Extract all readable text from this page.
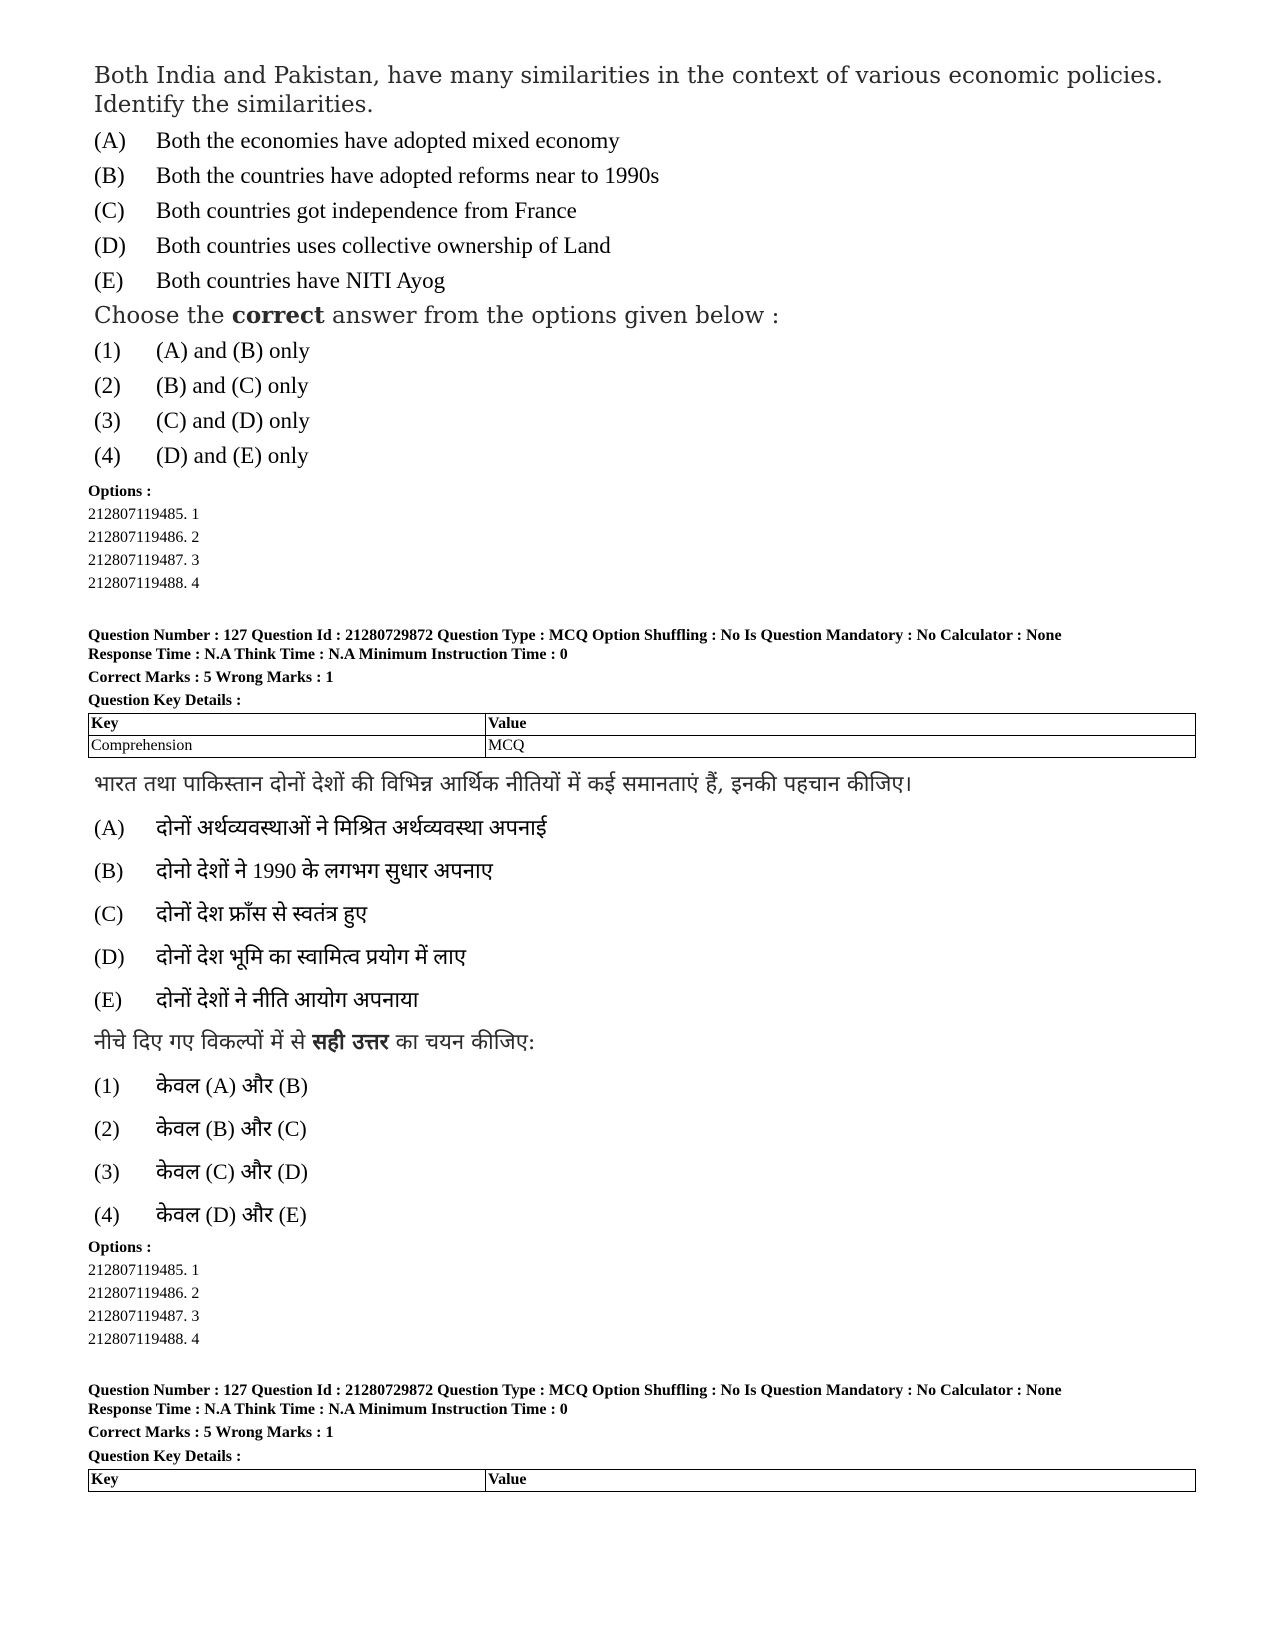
Both India and Pakistan, have many similarities in the context of various economic policies. Identify the similarities.
(A)	Both the economies have adopted mixed economy
(B)	Both the countries have adopted reforms near to 1990s
(C)	Both countries got independence from France
(D)	Both countries uses collective ownership of Land
(E)	Both countries have NITI Ayog
Choose the correct answer from the options given below :
(1)	(A) and (B) only
(2)	(B) and (C) only
(3)	(C) and (D) only
(4)	(D) and (E) only
Options :
212807119485. 1
212807119486. 2
212807119487. 3
212807119488. 4
Question Number : 127 Question Id : 21280729872 Question Type : MCQ Option Shuffling : No Is Question Mandatory : No Calculator : None
Response Time : N.A Think Time : N.A Minimum Instruction Time : 0
Correct Marks : 5 Wrong Marks : 1
Question Key Details :
Key	Value
Comprehension	MCQ
भारत तथा पाकिस्तान दोनों देशों की विभिन्न आर्थिक नीतियों में कई समानताएं हैं, इनकी पहचान कीजिए।
(A)	दोनों अर्थव्यवस्थाओं ने मिश्रित अर्थव्यवस्था अपनाई
(B)	दोनो देशों ने 1990 के लगभग सुधार अपनाए
(C)	दोनों देश फ्राँस से स्वतंत्र हुए
(D)	दोनों देश भूमि का स्वामित्व प्रयोग में लाए
(E)	दोनों देशों ने नीति आयोग अपनाया
नीचे दिए गए विकल्पों में से सही उत्तर का चयन कीजिए:
(1)	केवल (A) और (B)
(2)	केवल (B) और (C)
(3)	केवल (C) और (D)
(4)	केवल (D) और (E)
Options :
212807119485. 1
212807119486. 2
212807119487. 3
212807119488. 4
Question Number : 127 Question Id : 21280729872 Question Type : MCQ Option Shuffling : No Is Question Mandatory : No Calculator : None
Response Time : N.A Think Time : N.A Minimum Instruction Time : 0
Correct Marks : 5 Wrong Marks : 1
Question Key Details :
Key	Value
